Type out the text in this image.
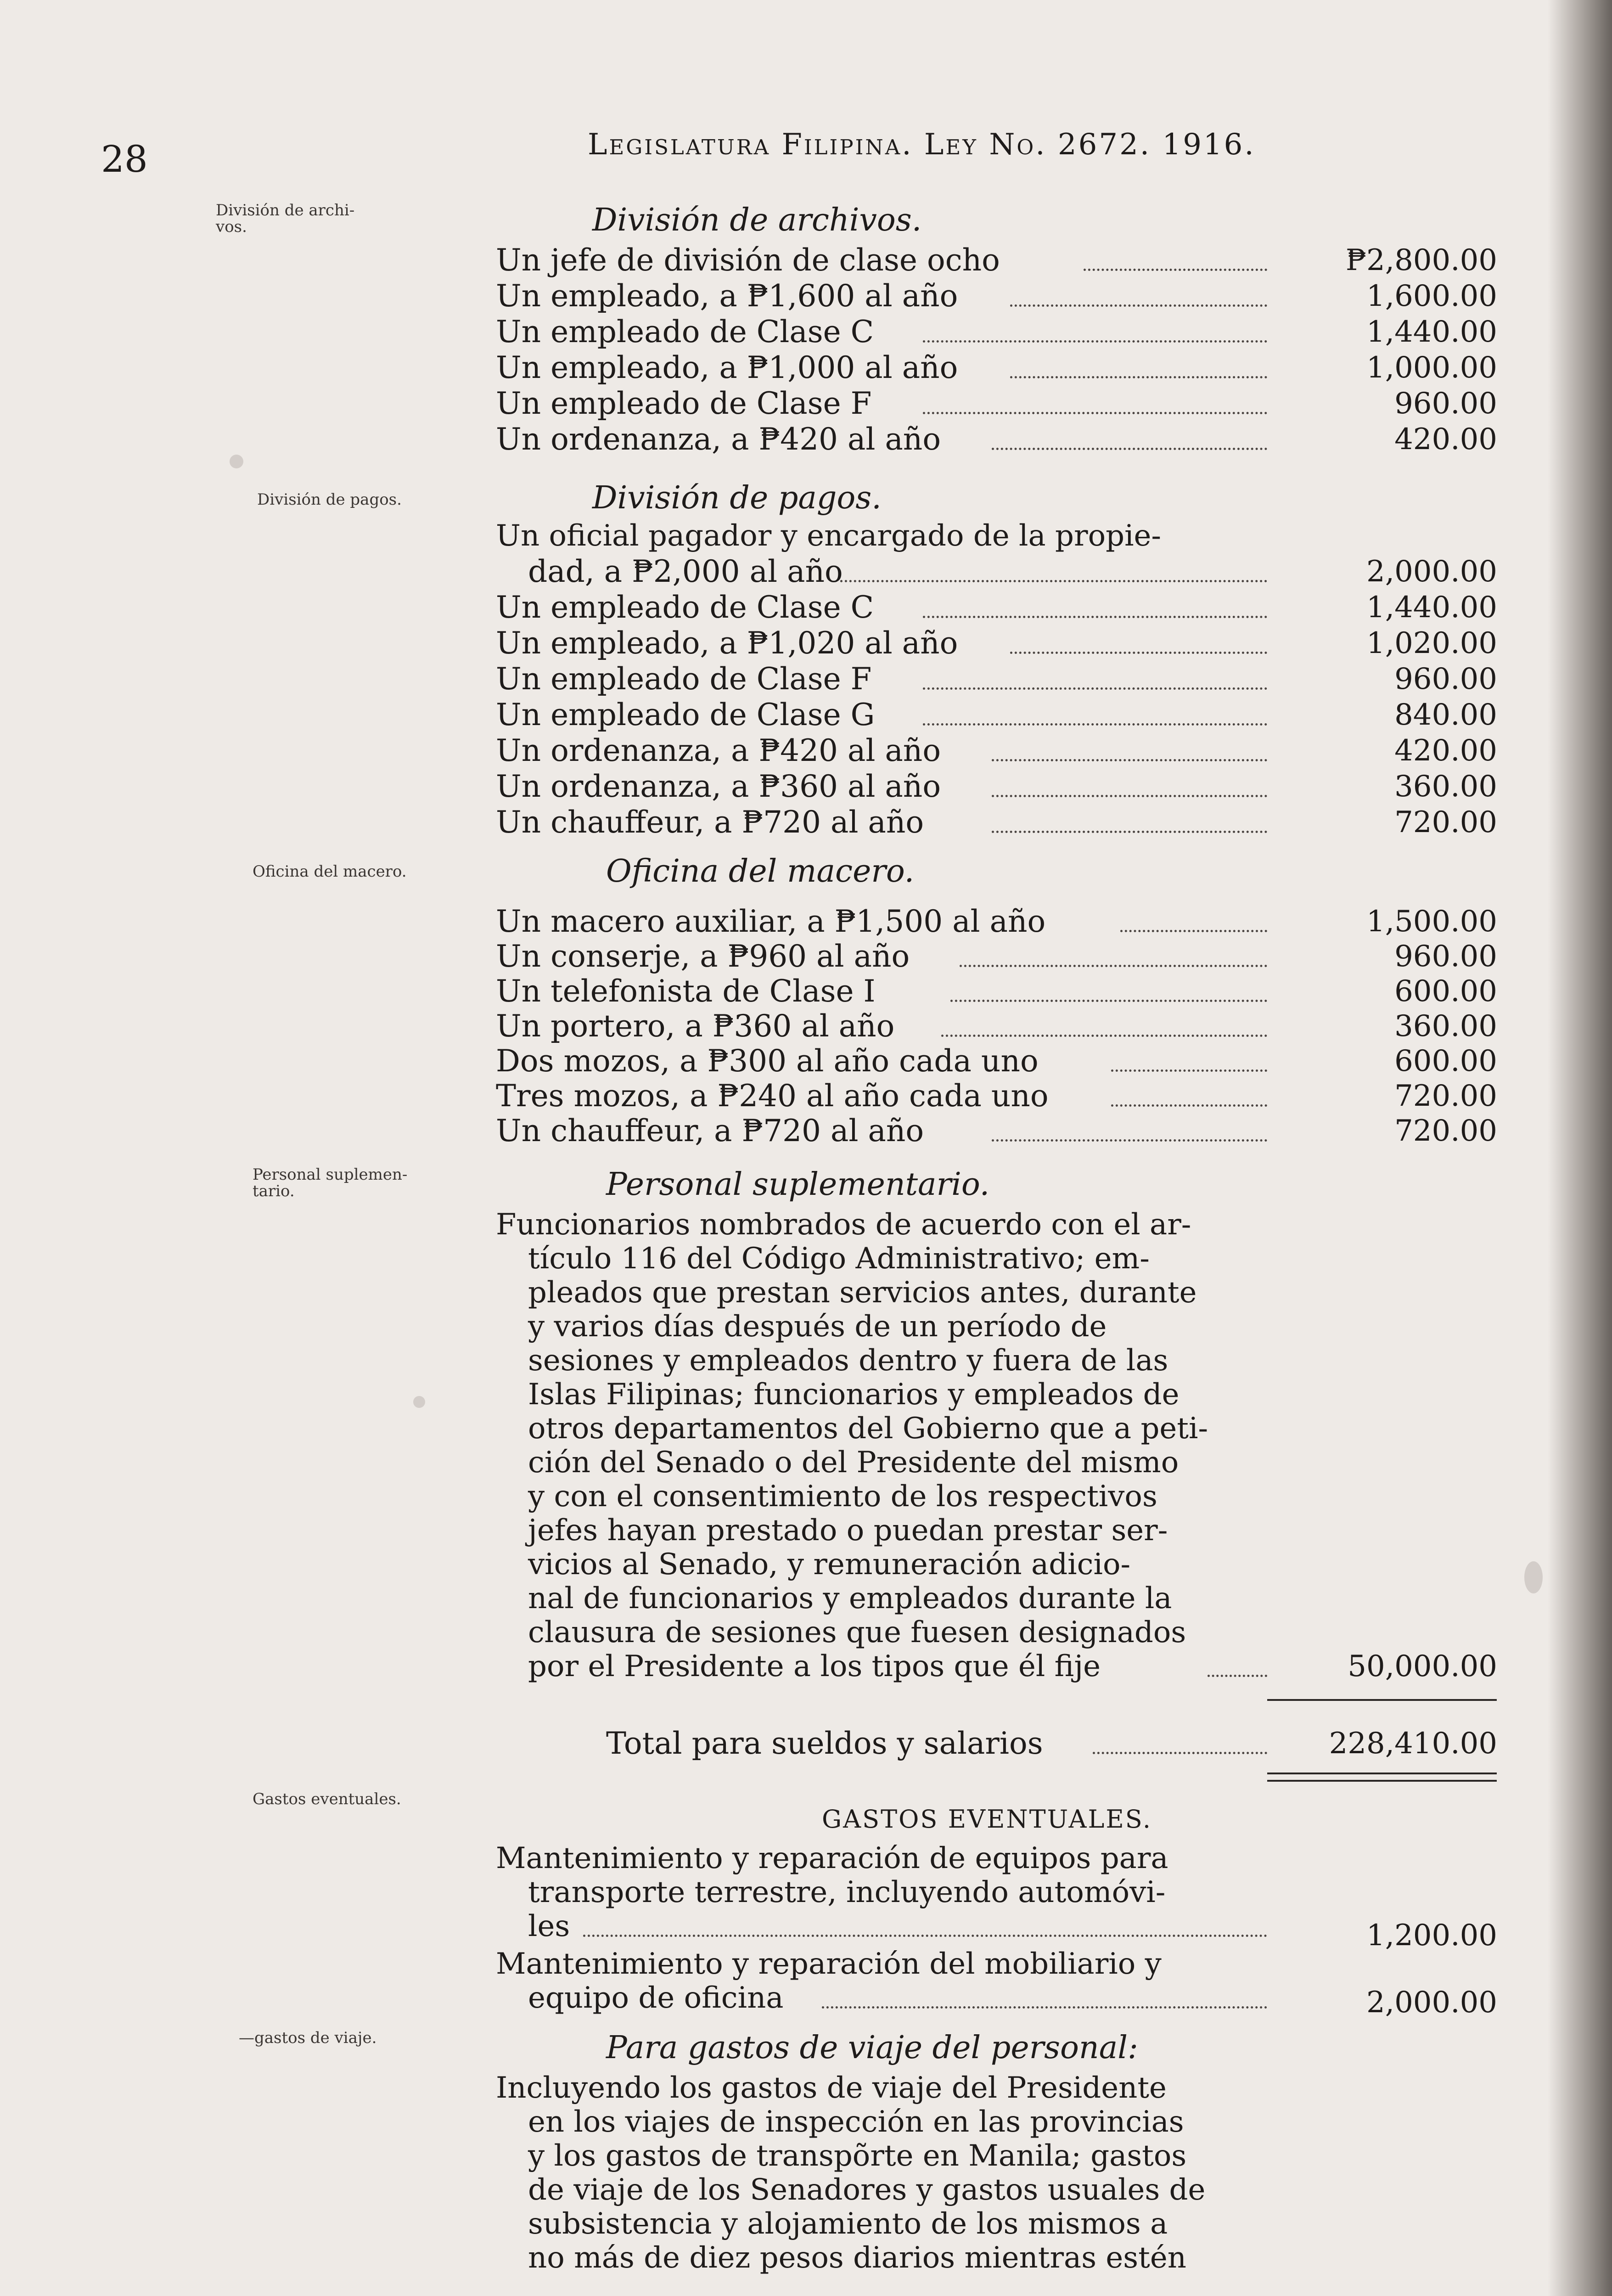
28	Legislatura Filipina. Ley No. 2672. 1916.
División de archi-
vos.
División de pagos.
Oficina del macero.
Personal suplemen-
tario.
Gastos eventuales.
—gastos de viaje.
División de archivos.
Un jefe de división de clase ocho	₱2,800.00
Un empleado, a ₱1,600 al año	1,600.00
Un empleado de Clase C	1,440.00
Un empleado, a ₱1,000 al año	1,000.00
Un empleado de Clase F	960.00
Un ordenanza, a ₱420 al año	420.00
División de pagos.
Un oficial pagador y encargado de la propie-
dad, a ₱2,000 al año	2,000.00
Un empleado de Clase C	1,440.00
Un empleado, a ₱1,020 al año	1,020.00
Un empleado de Clase F	960.00
Un empleado de Clase G	840.00
Un ordenanza, a ₱420 al año	420.00
Un ordenanza, a ₱360 al año	360.00
Un chauffeur, a ₱720 al año	720.00
Oficina del macero.
Un macero auxiliar, a ₱1,500 al año	1,500.00
Un conserje, a ₱960 al año	960.00
Un telefonista de Clase I	600.00
Un portero, a ₱360 al año	360.00
Dos mozos, a ₱300 al año cada uno	600.00
Tres mozos, a ₱240 al año cada uno	720.00
Un chauffeur, a ₱720 al año	720.00
Personal suplementario.
Funcionarios nombrados de acuerdo con el ar-
tículo 116 del Código Administrativo; em-
pleados que prestan servicios antes, durante
y varios días después de un período de
sesiones y empleados dentro y fuera de las
Islas Filipinas; funcionarios y empleados de
otros departamentos del Gobierno que a peti-
ción del Senado o del Presidente del mismo
y con el consentimiento de los respectivos
jefes hayan prestado o puedan prestar ser-
vicios al Senado, y remuneración adicio-
nal de funcionarios y empleados durante la
clausura de sesiones que fuesen designados
por el Presidente a los tipos que él fije	50,000.00
Total para sueldos y salarios	228,410.00
GASTOS EVENTUALES.
Mantenimiento y reparación de equipos para
transporte terrestre, incluyendo automóvi-
les	1,200.00
Mantenimiento y reparación del mobiliario y
equipo de oficina	2,000.00
Para gastos de viaje del personal:
Incluyendo los gastos de viaje del Presidente
en los viajes de inspección en las provincias
y los gastos de transpõrte en Manila; gastos
de viaje de los Senadores y gastos usuales de
subsistencia y alojamiento de los mismos a
no más de diez pesos diarios mientras estén
